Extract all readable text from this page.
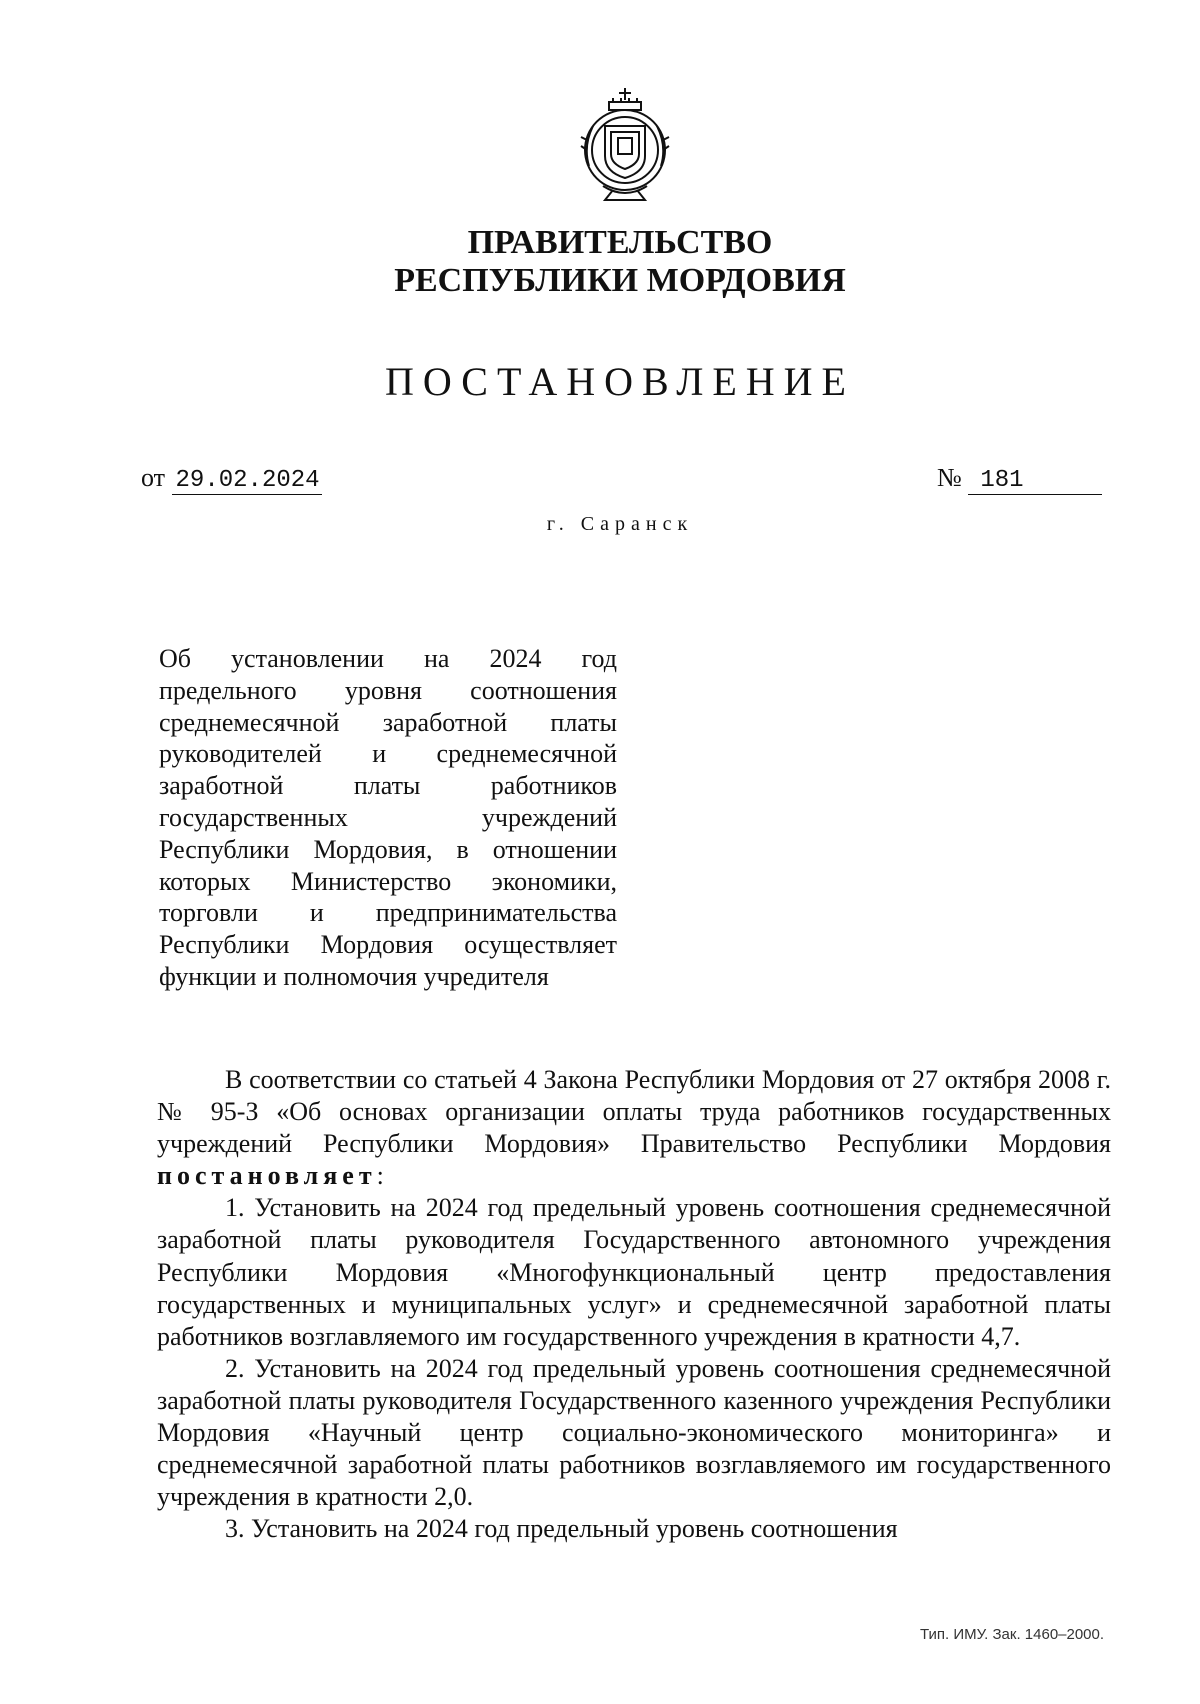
ПРАВИТЕЛЬСТВО
РЕСПУБЛИКИ МОРДОВИЯ
ПОСТАНОВЛЕНИЕ
от 29.02.2024	№ 181
г. Саранск

Об установлении на 2024 год предельного уровня соотношения среднемесячной заработной платы руководителей и среднемесячной заработной платы работников государственных учреждений Республики Мордовия, в отношении которых Министерство экономики, торговли и предпринимательства Республики Мордовия осуществляет функции и полномочия учредителя

В соответствии со статьей 4 Закона Республики Мордовия от 27 октября 2008 г. № 95-З «Об основах организации оплаты труда работников государственных учреждений Республики Мордовия» Правительство Республики Мордовия постановляет:

1. Установить на 2024 год предельный уровень соотношения среднемесячной заработной платы руководителя Государственного автономного учреждения Республики Мордовия «Многофункциональный центр предоставления государственных и муниципальных услуг» и среднемесячной заработной платы работников возглавляемого им государственного учреждения в кратности 4,7.

2. Установить на 2024 год предельный уровень соотношения среднемесячной заработной платы руководителя Государственного казенного учреждения Республики Мордовия «Научный центр социально-экономического мониторинга» и среднемесячной заработной платы работников возглавляемого им государственного учреждения в кратности 2,0.

3. Установить на 2024 год предельный уровень соотношения

Тип. ИМУ. Зак. 1460–2000.
